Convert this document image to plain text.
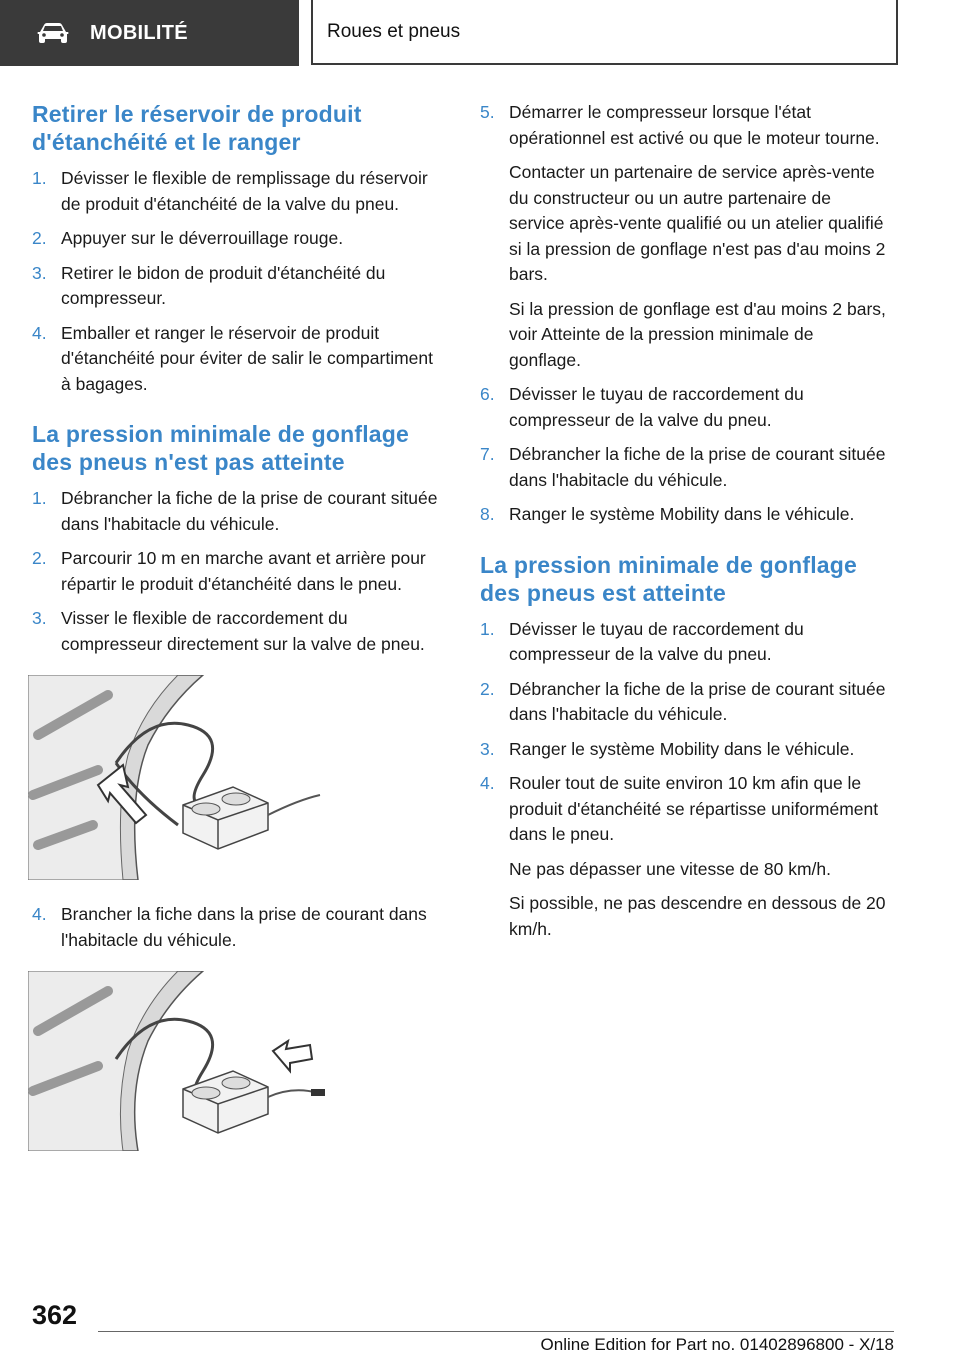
MOBILITÉ	Roues et pneus
Retirer le réservoir de produit d'étanchéité et le ranger
1. Dévisser le flexible de remplissage du réservoir de produit d'étanchéité de la valve du pneu.

2. Appuyer sur le déverrouillage rouge.

3. Retirer le bidon de produit d'étanchéité du compresseur.

4. Emballer et ranger le réservoir de produit d'étanchéité pour éviter de salir le compartiment à bagages.

La pression minimale de gonflage des pneus n'est pas atteinte
1. Débrancher la fiche de la prise de courant située dans l'habitacle du véhicule.

2. Parcourir 10 m en marche avant et arrière pour répartir le produit d'étanchéité dans le pneu.

3. Visser le flexible de raccordement du compresseur directement sur la valve de pneu.

4. Brancher la fiche dans la prise de courant dans l'habitacle du véhicule.

5. Démarrer le compresseur lorsque l'état opérationnel est activé ou que le moteur tourne.

Contacter un partenaire de service après-vente du constructeur ou un autre partenaire de service après-vente qualifié ou un atelier qualifié si la pression de gonflage n'est pas d'au moins 2 bars.

Si la pression de gonflage est d'au moins 2 bars, voir Atteinte de la pression minimale de gonflage.

6. Dévisser le tuyau de raccordement du compresseur de la valve du pneu.

7. Débrancher la fiche de la prise de courant située dans l'habitacle du véhicule.

8. Ranger le système Mobility dans le véhicule.

La pression minimale de gonflage des pneus est atteinte
1. Dévisser le tuyau de raccordement du compresseur de la valve du pneu.

2. Débrancher la fiche de la prise de courant située dans l'habitacle du véhicule.

3. Ranger le système Mobility dans le véhicule.

4. Rouler tout de suite environ 10 km afin que le produit d'étanchéité se répartisse uniformément dans le pneu.

Ne pas dépasser une vitesse de 80 km/h.

Si possible, ne pas descendre en dessous de 20 km/h.

362
Online Edition for Part no. 01402896800 - X/18
